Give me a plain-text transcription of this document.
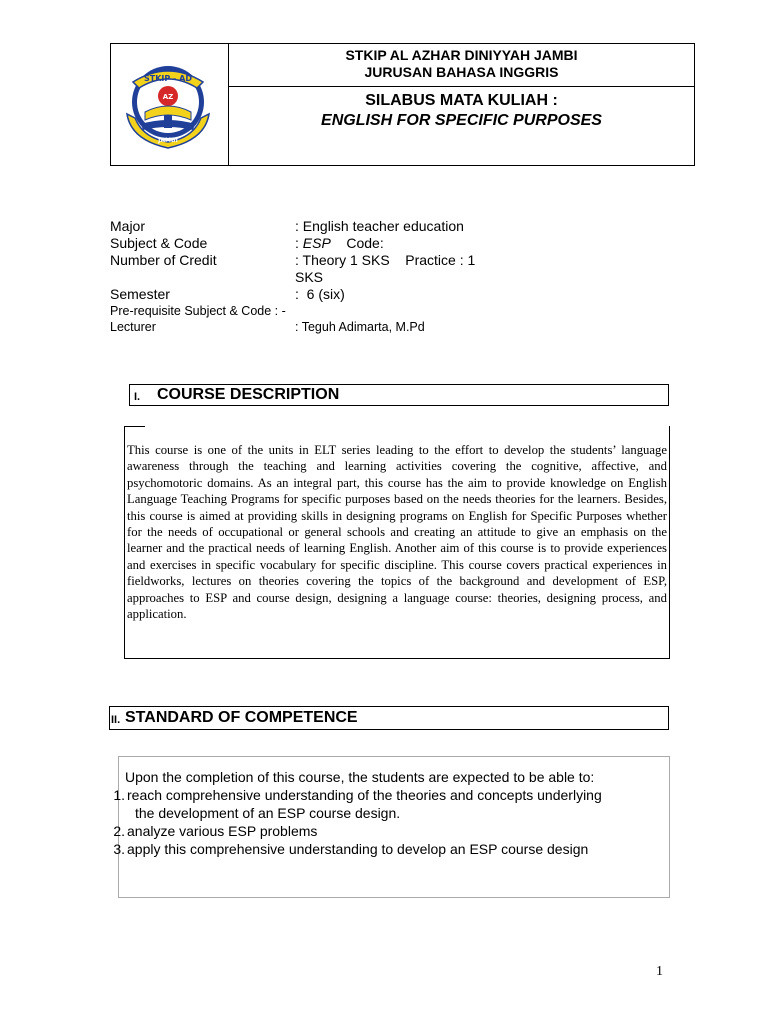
STKIP - AD
AZ
JAMBI
STKIP AL AZHAR DINIYYAH JAMBI
JURUSAN BAHASA INGGRIS
SILABUS MATA KULIAH :
ENGLISH FOR SPECIFIC PURPOSES
Major	: English teacher education
Subject & Code	: ESP Code:
Number of Credit	: Theory 1 SKS    Practice : 1
SKS
Semester	:  6 (six)
Pre-requisite Subject & Code : -
Lecturer	: Teguh Adimarta, M.Pd
I. COURSE DESCRIPTION
This course is one of the units in ELT series leading to the effort to develop the students’ language awareness through the teaching and learning activities covering the cognitive, affective, and psychomotoric domains. As an integral part, this course has the aim to provide knowledge on English Language Teaching Programs for specific purposes based on the needs theories for the learners. Besides, this course is aimed at providing skills in designing programs on English for Specific Purposes whether for the needs of occupational or general schools and creating an attitude to give an emphasis on the learner and the practical needs of learning English. Another aim of this course is to provide experiences and exercises in specific vocabulary for specific discipline. This course covers practical experiences in fieldworks, lectures on theories covering the topics of the background and development of ESP, approaches to ESP and course design, designing a language course: theories, designing process, and application.
II. STANDARD OF COMPETENCE
Upon the completion of this course, the students are expected to be able to:
1. reach comprehensive understanding of the theories and concepts underlying
the development of an ESP course design.
2. analyze various ESP problems
3. apply this comprehensive understanding to develop an ESP course design
1
